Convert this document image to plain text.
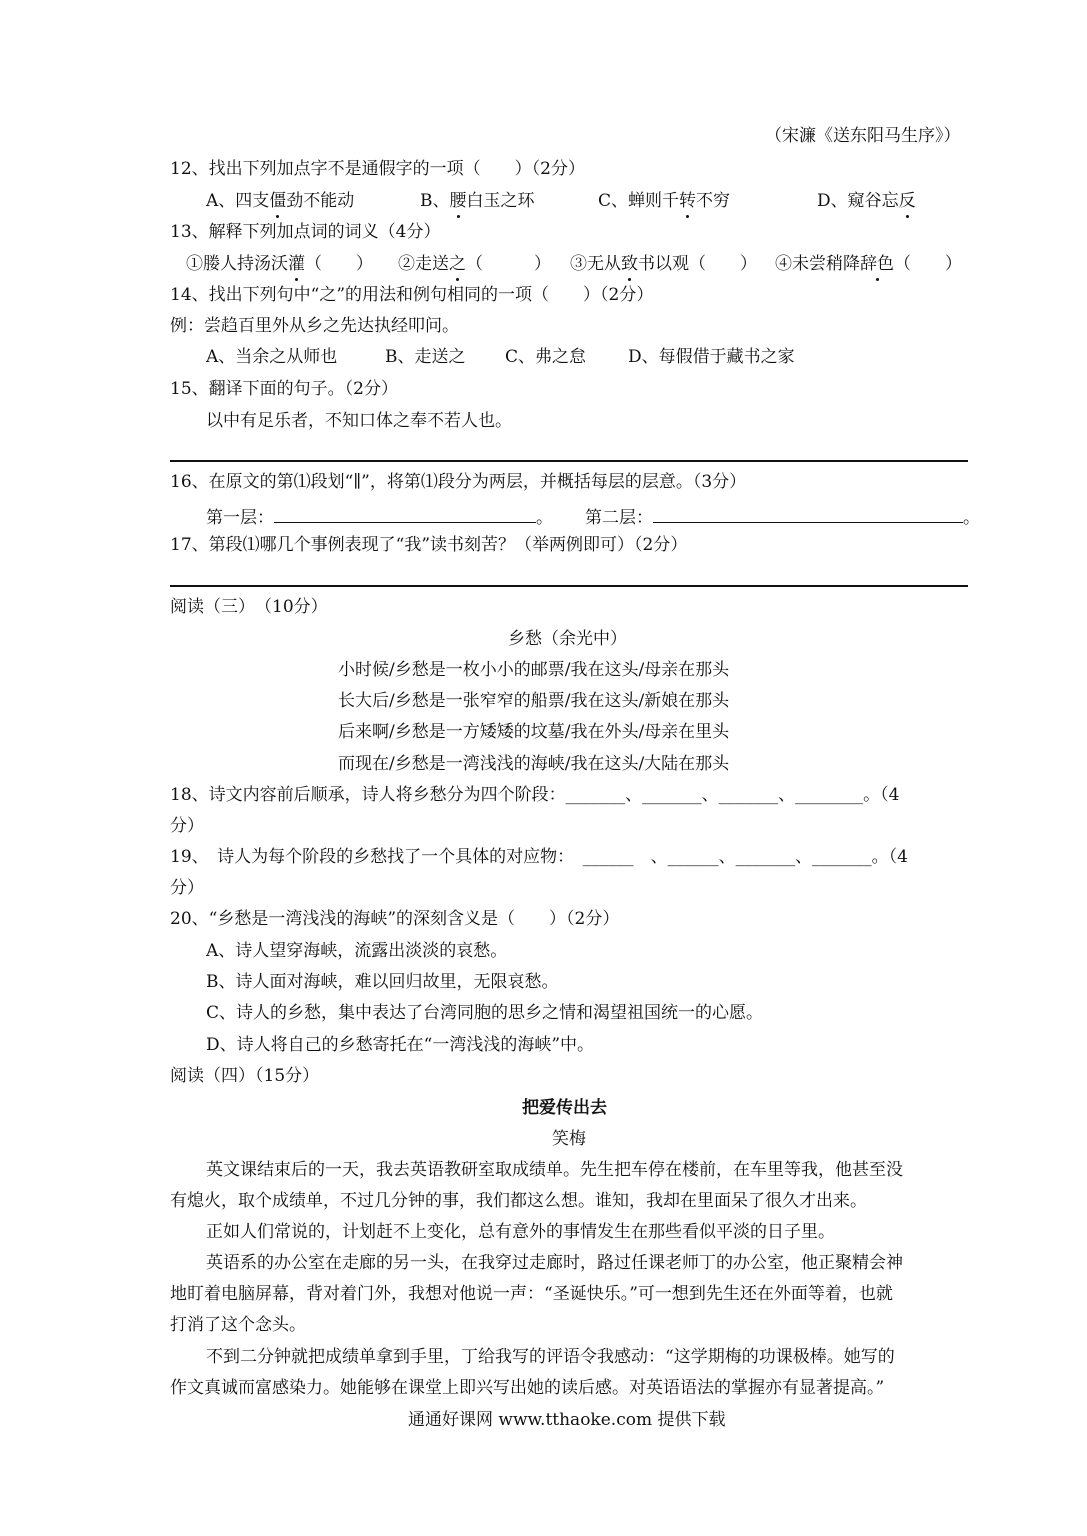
（宋濂《送东阳马生序》）
12、找出下列加点字不是通假字的一项（　　）（2分）
A、四支僵劲不能动	B、腰白玉之环	C、蝉则千转不穷	D、窥谷忘反
13、解释下列加点词的词义（4分）
①媵人持汤沃灌（　　） ②走送之（　　　） ③无从致书以观（　　） ④未尝稍降辞色（　　）
14、找出下列句中“之”的用法和例句相同的一项（　　）（2分）
例：尝趋百里外从乡之先达执经叩问。
A、当余之从师也	B、走送之 C、弗之怠 D、每假借于藏书之家
15、翻译下面的句子。（2分）
以中有足乐者，不知口体之奉不若人也。
16、在原文的第⑴段划“∥”，将第⑴段分为两层，并概括每层的层意。（3分）
第一层：	。 第二层：	。
17、第段⑴哪几个事例表现了“我”读书刻苦？（举两例即可）（2分）
阅读（三）　（10分）
乡愁（余光中）
小时候/乡愁是一枚小小的邮票/我在这头/母亲在那头
长大后/乡愁是一张窄窄的船票/我在这头/新娘在那头
后来啊/乡愁是一方矮矮的坟墓/我在外头/母亲在里头
而现在/乡愁是一湾浅浅的海峡/我在这头/大陆在那头
18、诗文内容前后顺承，诗人将乡愁分为四个阶段：_______、_______、_______、________。（4
分）
19、　诗人为每个阶段的乡愁找了一个具体的对应物：　______　、______、_______、_______。（4
分）
20、“乡愁是一湾浅浅的海峡”的深刻含义是（　　）（2分）
A、诗人望穿海峡，流露出淡淡的哀愁。
B、诗人面对海峡，难以回归故里，无限哀愁。
C、诗人的乡愁，集中表达了台湾同胞的思乡之情和渴望祖国统一的心愿。
D、诗人将自己的乡愁寄托在“一湾浅浅的海峡”中。
阅读（四）（15分）
把爱传出去
笑梅
英文课结束后的一天，我去英语教研室取成绩单。先生把车停在楼前，在车里等我，他甚至没
有熄火，取个成绩单，不过几分钟的事，我们都这么想。谁知，我却在里面呆了很久才出来。
正如人们常说的，计划赶不上变化，总有意外的事情发生在那些看似平淡的日子里。
英语系的办公室在走廊的另一头，在我穿过走廊时，路过任课老师丁的办公室，他正聚精会神
地盯着电脑屏幕，背对着门外，我想对他说一声：“圣诞快乐。”可一想到先生还在外面等着，也就
打消了这个念头。
不到二分钟就把成绩单拿到手里，丁给我写的评语令我感动：“这学期梅的功课极棒。她写的
作文真诚而富感染力。她能够在课堂上即兴写出她的读后感。对英语语法的掌握亦有显著提高。”
通通好课网 www.tthaoke.com 提供下载
